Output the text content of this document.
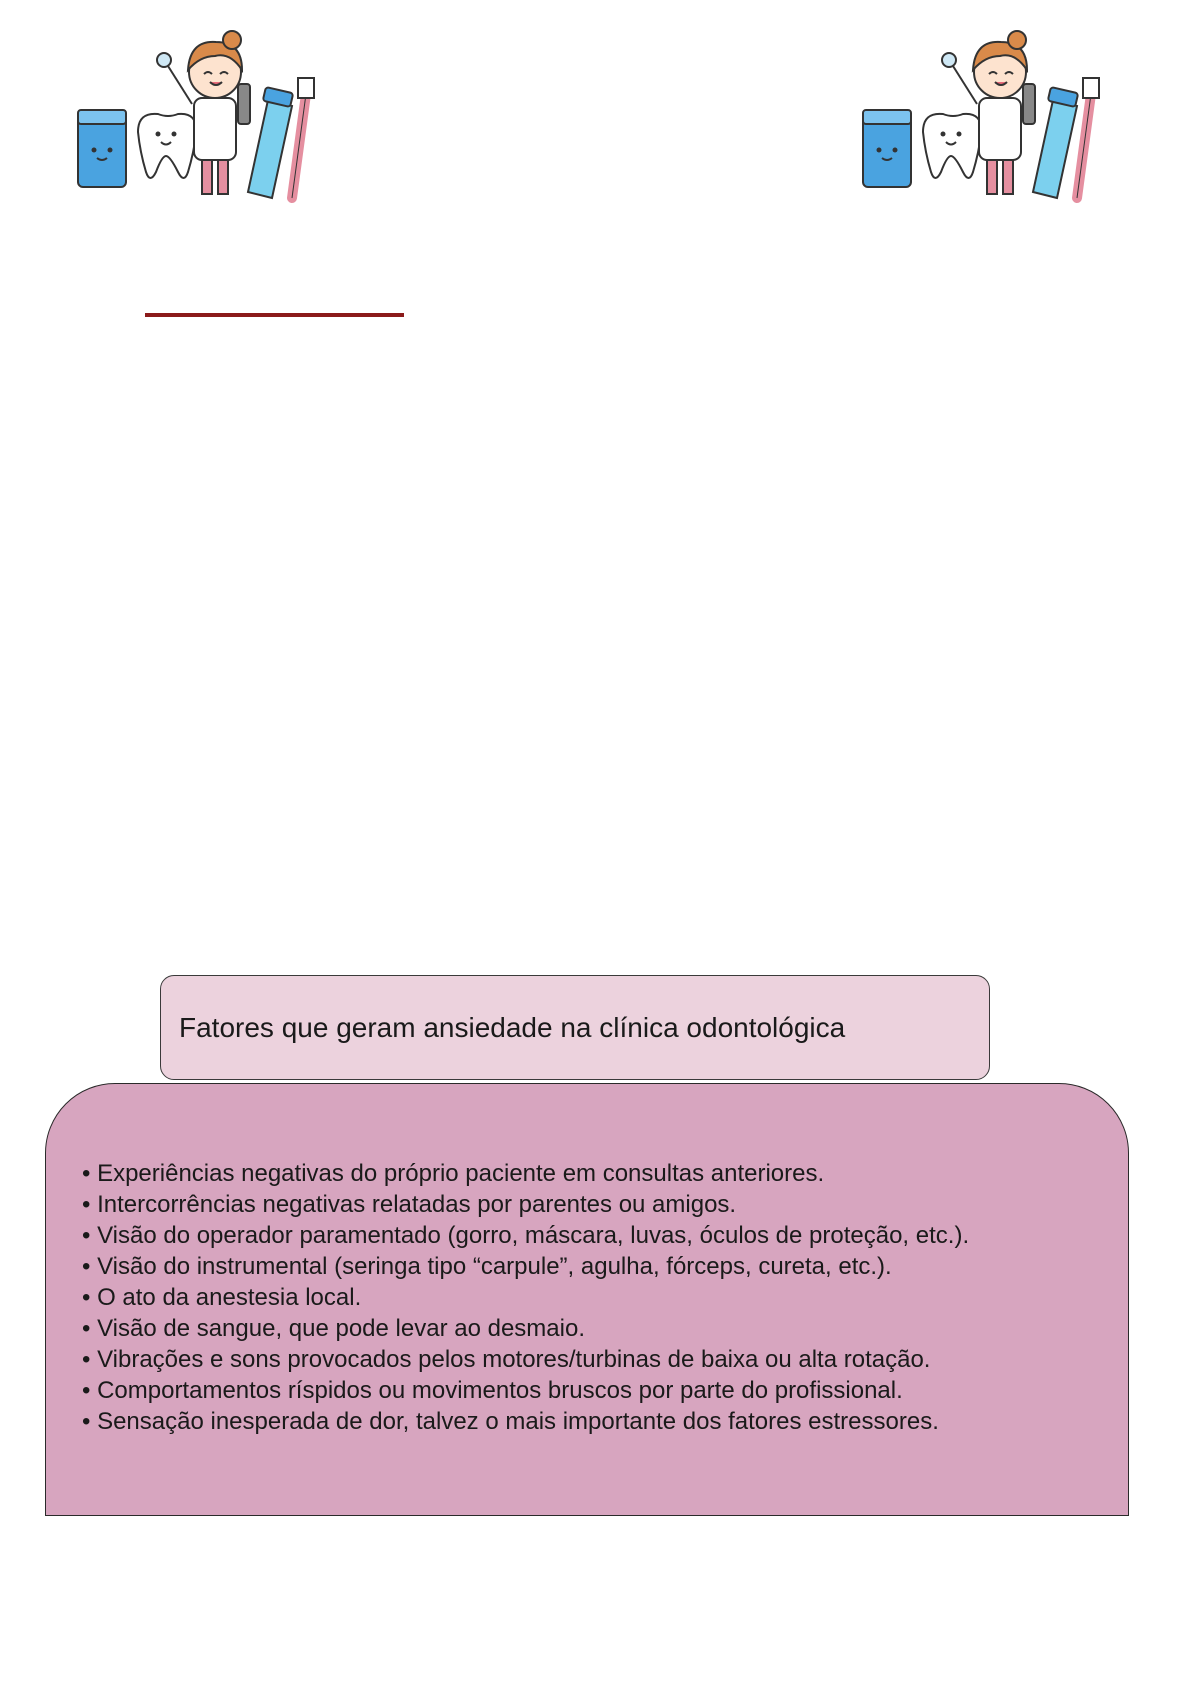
Fatores que geram ansiedade na clínica odontológica
• Experiências negativas do próprio paciente em consultas anteriores.
• Intercorrências negativas relatadas por parentes ou amigos.
• Visão do operador paramentado (gorro, máscara, luvas, óculos de proteção, etc.).
• Visão do instrumental (seringa tipo “carpule”, agulha, fórceps, cureta, etc.).
• O ato da anestesia local.
• Visão de sangue, que pode levar ao desmaio.
• Vibrações e sons provocados pelos motores/turbinas de baixa ou alta rotação.
• Comportamentos ríspidos ou movimentos bruscos por parte do profissional.
• Sensação inesperada de dor, talvez o mais importante dos fatores estressores.
